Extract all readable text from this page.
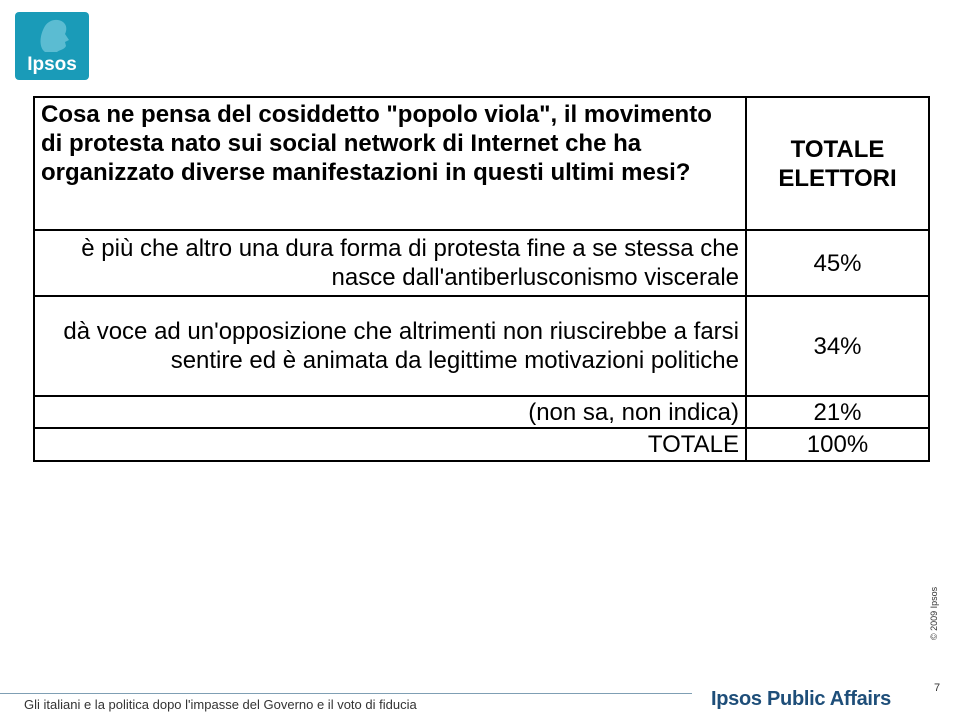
Ipsos
Cosa ne pensa del cosiddetto "popolo viola", il movimento di protesta nato sui social network di Internet che ha organizzato diverse manifestazioni in questi ultimi mesi?	TOTALE ELETTORI
è più che altro una dura forma di protesta fine a se stessa che nasce dall'antiberlusconismo viscerale	45%
dà voce ad un'opposizione che altrimenti non riuscirebbe a farsi sentire ed è animata da legittime motivazioni politiche	34%
(non sa, non indica)	21%
TOTALE	100%
© 2009 Ipsos
7
Gli italiani e la politica dopo l'impasse del Governo e il voto di fiducia	Ipsos Public Affairs
